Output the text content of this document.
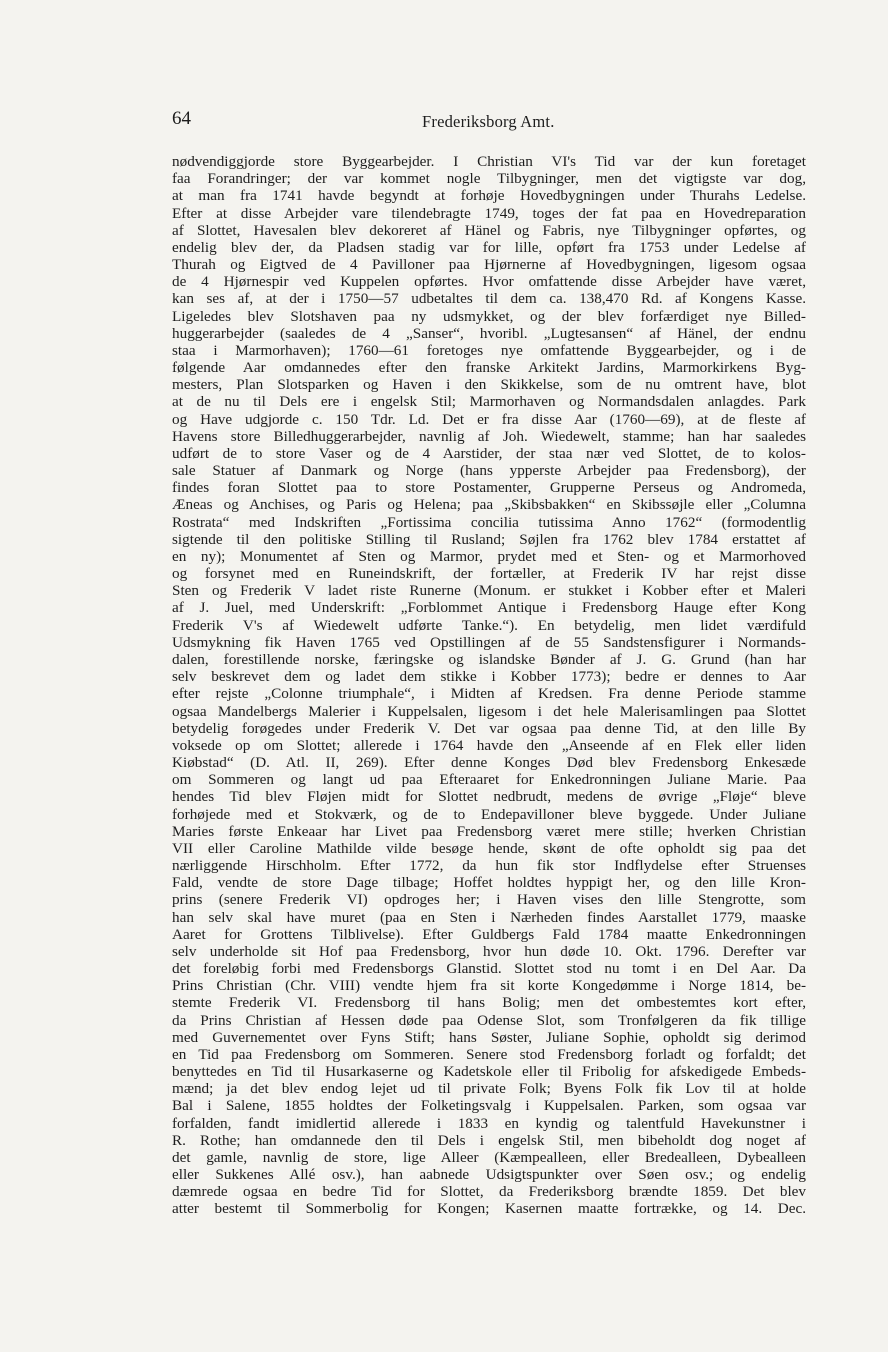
64	Frederiksborg Amt.
nødvendiggjorde store Byggearbejder. I Christian VI's Tid var der kun foretaget
faa Forandringer; der var kommet nogle Tilbygninger, men det vigtigste var dog,
at man fra 1741 havde begyndt at forhøje Hovedbygningen under Thurahs Ledelse.
Efter at disse Arbejder vare tilendebragte 1749, toges der fat paa en Hovedreparation
af Slottet, Havesalen blev dekoreret af Hänel og Fabris, nye Tilbygninger opførtes, og
endelig blev der, da Pladsen stadig var for lille, opført fra 1753 under Ledelse af
Thurah og Eigtved de 4 Pavilloner paa Hjørnerne af Hovedbygningen, ligesom ogsaa
de 4 Hjørnespir ved Kuppelen opførtes. Hvor omfattende disse Arbejder have været,
kan ses af, at der i 1750—57 udbetaltes til dem ca. 138,470 Rd. af Kongens Kasse.
Ligeledes blev Slotshaven paa ny udsmykket, og der blev forfærdiget nye Billed-
huggerarbejder (saaledes de 4 „Sanser“, hvoribl. „Lugtesansen“ af Hänel, der endnu
staa i Marmorhaven); 1760—61 foretoges nye omfattende Byggearbejder, og i de
følgende Aar omdannedes efter den franske Arkitekt Jardins, Marmorkirkens Byg-
mesters, Plan Slotsparken og Haven i den Skikkelse, som de nu omtrent have, blot
at de nu til Dels ere i engelsk Stil; Marmorhaven og Normandsdalen anlagdes. Park
og Have udgjorde c. 150 Tdr. Ld. Det er fra disse Aar (1760—69), at de fleste af
Havens store Billedhuggerarbejder, navnlig af Joh. Wiedewelt, stamme; han har saaledes
udført de to store Vaser og de 4 Aarstider, der staa nær ved Slottet, de to kolos-
sale Statuer af Danmark og Norge (hans ypperste Arbejder paa Fredensborg), der
findes foran Slottet paa to store Postamenter, Grupperne Perseus og Andromeda,
Æneas og Anchises, og Paris og Helena; paa „Skibsbakken“ en Skibssøjle eller „Columna
Rostrata“ med Indskriften „Fortissima concilia tutissima Anno 1762“ (formodentlig
sigtende til den politiske Stilling til Rusland; Søjlen fra 1762 blev 1784 erstattet af
en ny); Monumentet af Sten og Marmor, prydet med et Sten- og et Marmorhoved
og forsynet med en Runeindskrift, der fortæller, at Frederik IV har rejst disse
Sten og Frederik V ladet riste Runerne (Monum. er stukket i Kobber efter et Maleri
af J. Juel, med Underskrift: „Forblommet Antique i Fredensborg Hauge efter Kong
Frederik V's af Wiedewelt udførte Tanke.“). En betydelig, men lidet værdifuld
Udsmykning fik Haven 1765 ved Opstillingen af de 55 Sandstensfigurer i Normands-
dalen, forestillende norske, færingske og islandske Bønder af J. G. Grund (han har
selv beskrevet dem og ladet dem stikke i Kobber 1773); bedre er dennes to Aar
efter rejste „Colonne triumphale“, i Midten af Kredsen. Fra denne Periode stamme
ogsaa Mandelbergs Malerier i Kuppelsalen, ligesom i det hele Malerisamlingen paa Slottet
betydelig forøgedes under Frederik V. Det var ogsaa paa denne Tid, at den lille By
voksede op om Slottet; allerede i 1764 havde den „Anseende af en Flek eller liden
Kiøbstad“ (D. Atl. II, 269). Efter denne Konges Død blev Fredensborg Enkesæde
om Sommeren og langt ud paa Efteraaret for Enkedronningen Juliane Marie. Paa
hendes Tid blev Fløjen midt for Slottet nedbrudt, medens de øvrige „Fløje“ bleve
forhøjede med et Stokværk, og de to Endepavilloner bleve byggede. Under Juliane
Maries første Enkeaar har Livet paa Fredensborg været mere stille; hverken Christian
VII eller Caroline Mathilde vilde besøge hende, skønt de ofte opholdt sig paa det
nærliggende Hirschholm. Efter 1772, da hun fik stor Indflydelse efter Struenses
Fald, vendte de store Dage tilbage; Hoffet holdtes hyppigt her, og den lille Kron-
prins (senere Frederik VI) opdroges her; i Haven vises den lille Stengrotte, som
han selv skal have muret (paa en Sten i Nærheden findes Aarstallet 1779, maaske
Aaret for Grottens Tilblivelse). Efter Guldbergs Fald 1784 maatte Enkedronningen
selv underholde sit Hof paa Fredensborg, hvor hun døde 10. Okt. 1796. Derefter var
det foreløbig forbi med Fredensborgs Glanstid. Slottet stod nu tomt i en Del Aar. Da
Prins Christian (Chr. VIII) vendte hjem fra sit korte Kongedømme i Norge 1814, be-
stemte Frederik VI. Fredensborg til hans Bolig; men det ombestemtes kort efter,
da Prins Christian af Hessen døde paa Odense Slot, som Tronfølgeren da fik tillige
med Guvernementet over Fyns Stift; hans Søster, Juliane Sophie, opholdt sig derimod
en Tid paa Fredensborg om Sommeren. Senere stod Fredensborg forladt og forfaldt; det
benyttedes en Tid til Husarkaserne og Kadetskole eller til Fribolig for afskedigede Embeds-
mænd; ja det blev endog lejet ud til private Folk; Byens Folk fik Lov til at holde
Bal i Salene, 1855 holdtes der Folketingsvalg i Kuppelsalen. Parken, som ogsaa var
forfalden, fandt imidlertid allerede i 1833 en kyndig og talentfuld Havekunstner i
R. Rothe; han omdannede den til Dels i engelsk Stil, men bibeholdt dog noget af
det gamle, navnlig de store, lige Alleer (Kæmpealleen, eller Bredealleen, Dybealleen
eller Sukkenes Allé osv.), han aabnede Udsigtspunkter over Søen osv.; og endelig
dæmrede ogsaa en bedre Tid for Slottet, da Frederiksborg brændte 1859. Det blev
atter bestemt til Sommerbolig for Kongen; Kasernen maatte fortrække, og 14. Dec.
